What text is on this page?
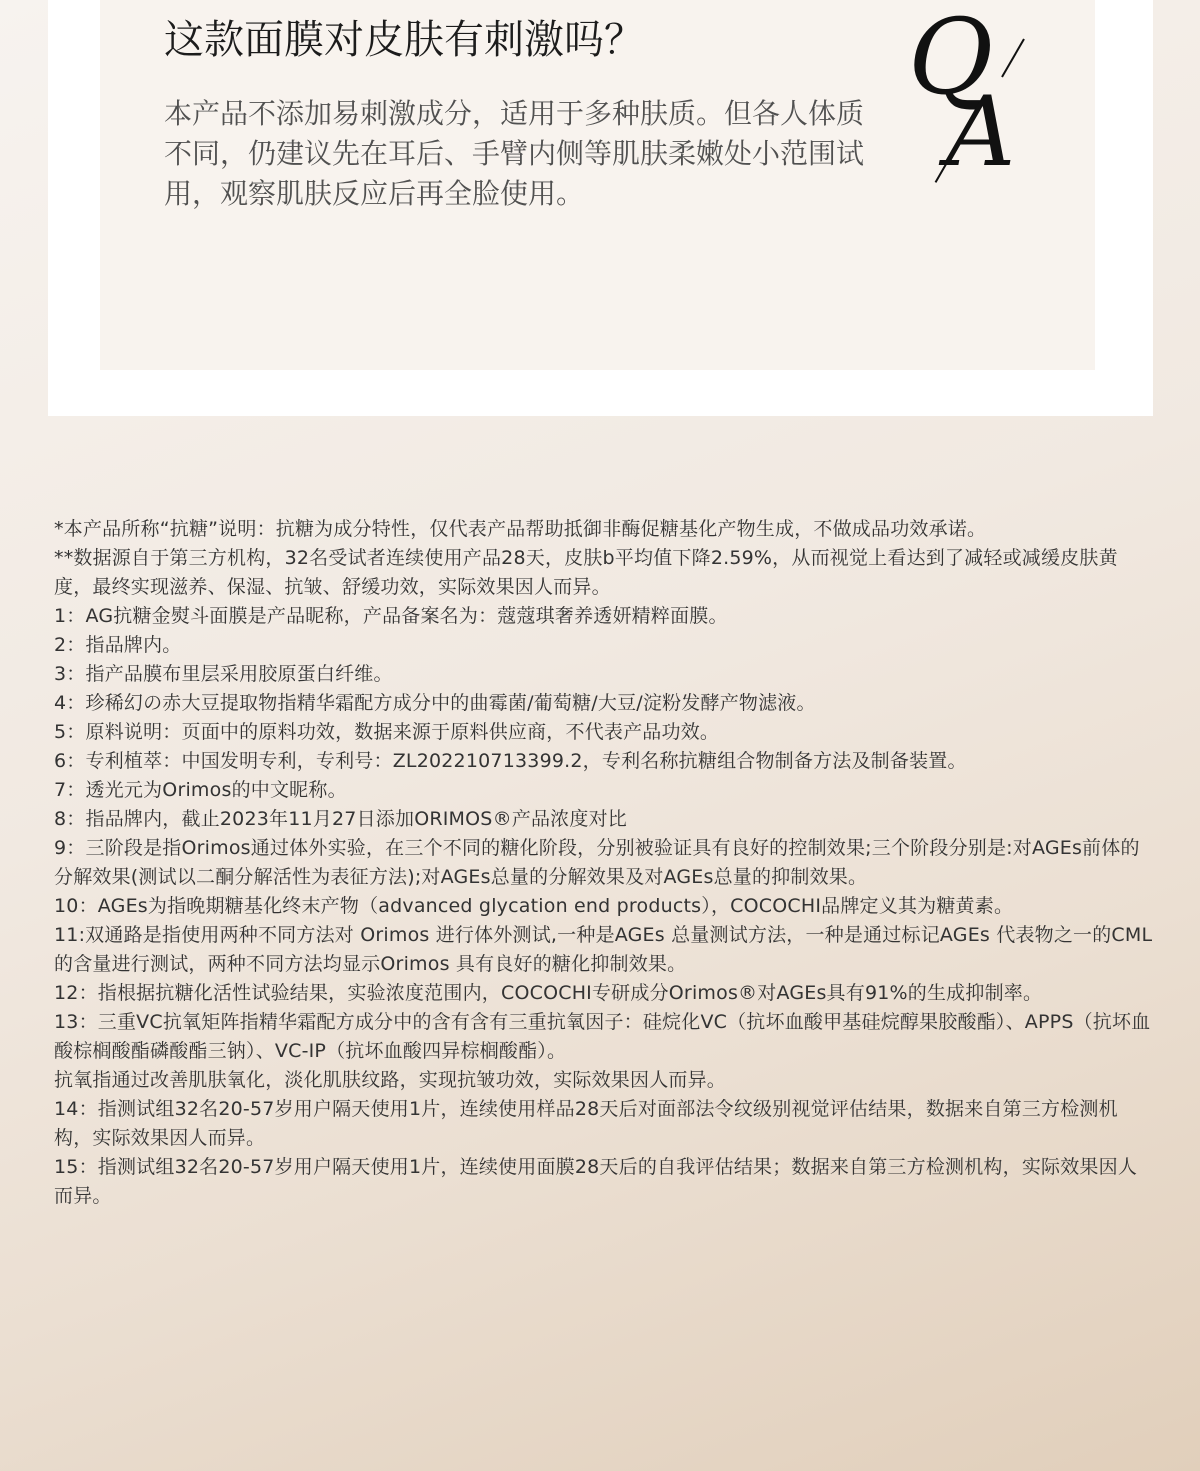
这款面膜对皮肤有刺激吗？

本产品不添加易刺激成分，适用于多种肤质。但各人体质不同，仍建议先在耳后、手臂内侧等肌肤柔嫩处小范围试用，观察肌肤反应后再全脸使用。

Q
A
*本产品所称“抗糖”说明：抗糖为成分特性，仅代表产品帮助抵御非酶促糖基化产物生成，不做成品功效承诺。
**数据源自于第三方机构，32名受试者连续使用产品28天，皮肤b平均值下降2.59%，从而视觉上看达到了减轻或减缓皮肤黄度，最终实现滋养、保湿、抗皱、舒缓功效，实际效果因人而异。
1：AG抗糖金熨斗面膜是产品昵称，产品备案名为：蔻蔻琪奢养透妍精粹面膜。
2：指品牌内。
3：指产品膜布里层采用胶原蛋白纤维。
4：珍稀幻の赤大豆提取物指精华霜配方成分中的曲霉菌/葡萄糖/大豆/淀粉发酵产物滤液。
5：原料说明：页面中的原料功效，数据来源于原料供应商，不代表产品功效。
6：专利植萃：中国发明专利，专利号：ZL202210713399.2，专利名称抗糖组合物制备方法及制备装置。
7：透光元为Orimos的中文昵称。
8：指品牌内，截止2023年11月27日添加ORIMOS®产品浓度对比
9：三阶段是指Orimos通过体外实验，在三个不同的糖化阶段，分别被验证具有良好的控制效果;三个阶段分别是:对AGEs前体的分解效果(测试以二酮分解活性为表征方法);对AGEs总量的分解效果及对AGEs总量的抑制效果。
10：AGEs为指晚期糖基化终末产物（advanced glycation end products），COCOCHI品牌定义其为糖黄素。
11:双通路是指使用两种不同方法对 Orimos 进行体外测试,一种是AGEs 总量测试方法，一种是通过标记AGEs 代表物之一的CML的含量进行测试，两种不同方法均显示Orimos 具有良好的糖化抑制效果。
12：指根据抗糖化活性试验结果，实验浓度范围内，COCOCHI专研成分Orimos®对AGEs具有91%的生成抑制率。
13：三重VC抗氧矩阵指精华霜配方成分中的含有含有三重抗氧因子：硅烷化VC（抗坏血酸甲基硅烷醇果胶酸酯）、APPS（抗坏血酸棕榈酸酯磷酸酯三钠）、VC-IP（抗坏血酸四异棕榈酸酯）。
抗氧指通过改善肌肤氧化，淡化肌肤纹路，实现抗皱功效，实际效果因人而异。
14：指测试组32名20-57岁用户隔天使用1片，连续使用样品28天后对面部法令纹级别视觉评估结果，数据来自第三方检测机构，实际效果因人而异。
15：指测试组32名20-57岁用户隔天使用1片，连续使用面膜28天后的自我评估结果；数据来自第三方检测机构，实际效果因人而异。
